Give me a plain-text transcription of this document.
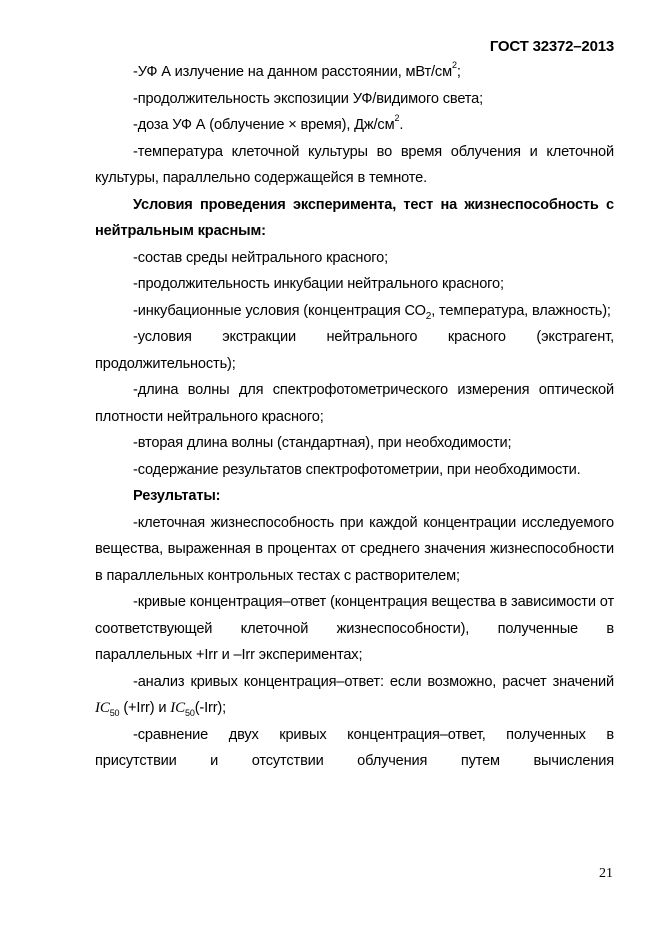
ГОСТ 32372–2013

-УФ А излучение на данном расстоянии, мВт/$см^2$;

-продолжительность экспозиции УФ/видимого света;

-доза УФ А (облучение × время), $Дж/см^2$.

-температура клеточной культуры во время облучения и клеточной культуры, параллельно содержащейся в темноте.

Условия проведения эксперимента, тест на жизнеспособность с нейтральным красным:

-состав среды нейтрального красного;

-продолжительность инкубации нейтрального красного;

-инкубационные условия (концентрация $СО_2$, температура, влажность);

-условия экстракции нейтрального красного (экстрагент, продолжительность);

-длина волны для спектрофотометрического измерения оптической плотности нейтрального красного;

-вторая длина волны (стандартная), при необходимости;

-содержание результатов спектрофотометрии, при необходимости.

Результаты:

-клеточная жизнеспособность при каждой концентрации исследуемого вещества, выраженная в процентах от среднего значения жизнеспособности в параллельных контрольных тестах с растворителем;

-кривые концентрация–ответ (концентрация вещества в зависимости от соответствующей клеточной жизнеспособности), полученные в параллельных +Irr и –Irr экспериментах;

-анализ кривых концентрация–ответ: если возможно, расчет значений $IC_{50}$ (+Irr) и $IC_{50}(-Irr)$;

-сравнение двух кривых концентрация–ответ, полученных в присутствии и отсутствии облучения путем вычисления

21
